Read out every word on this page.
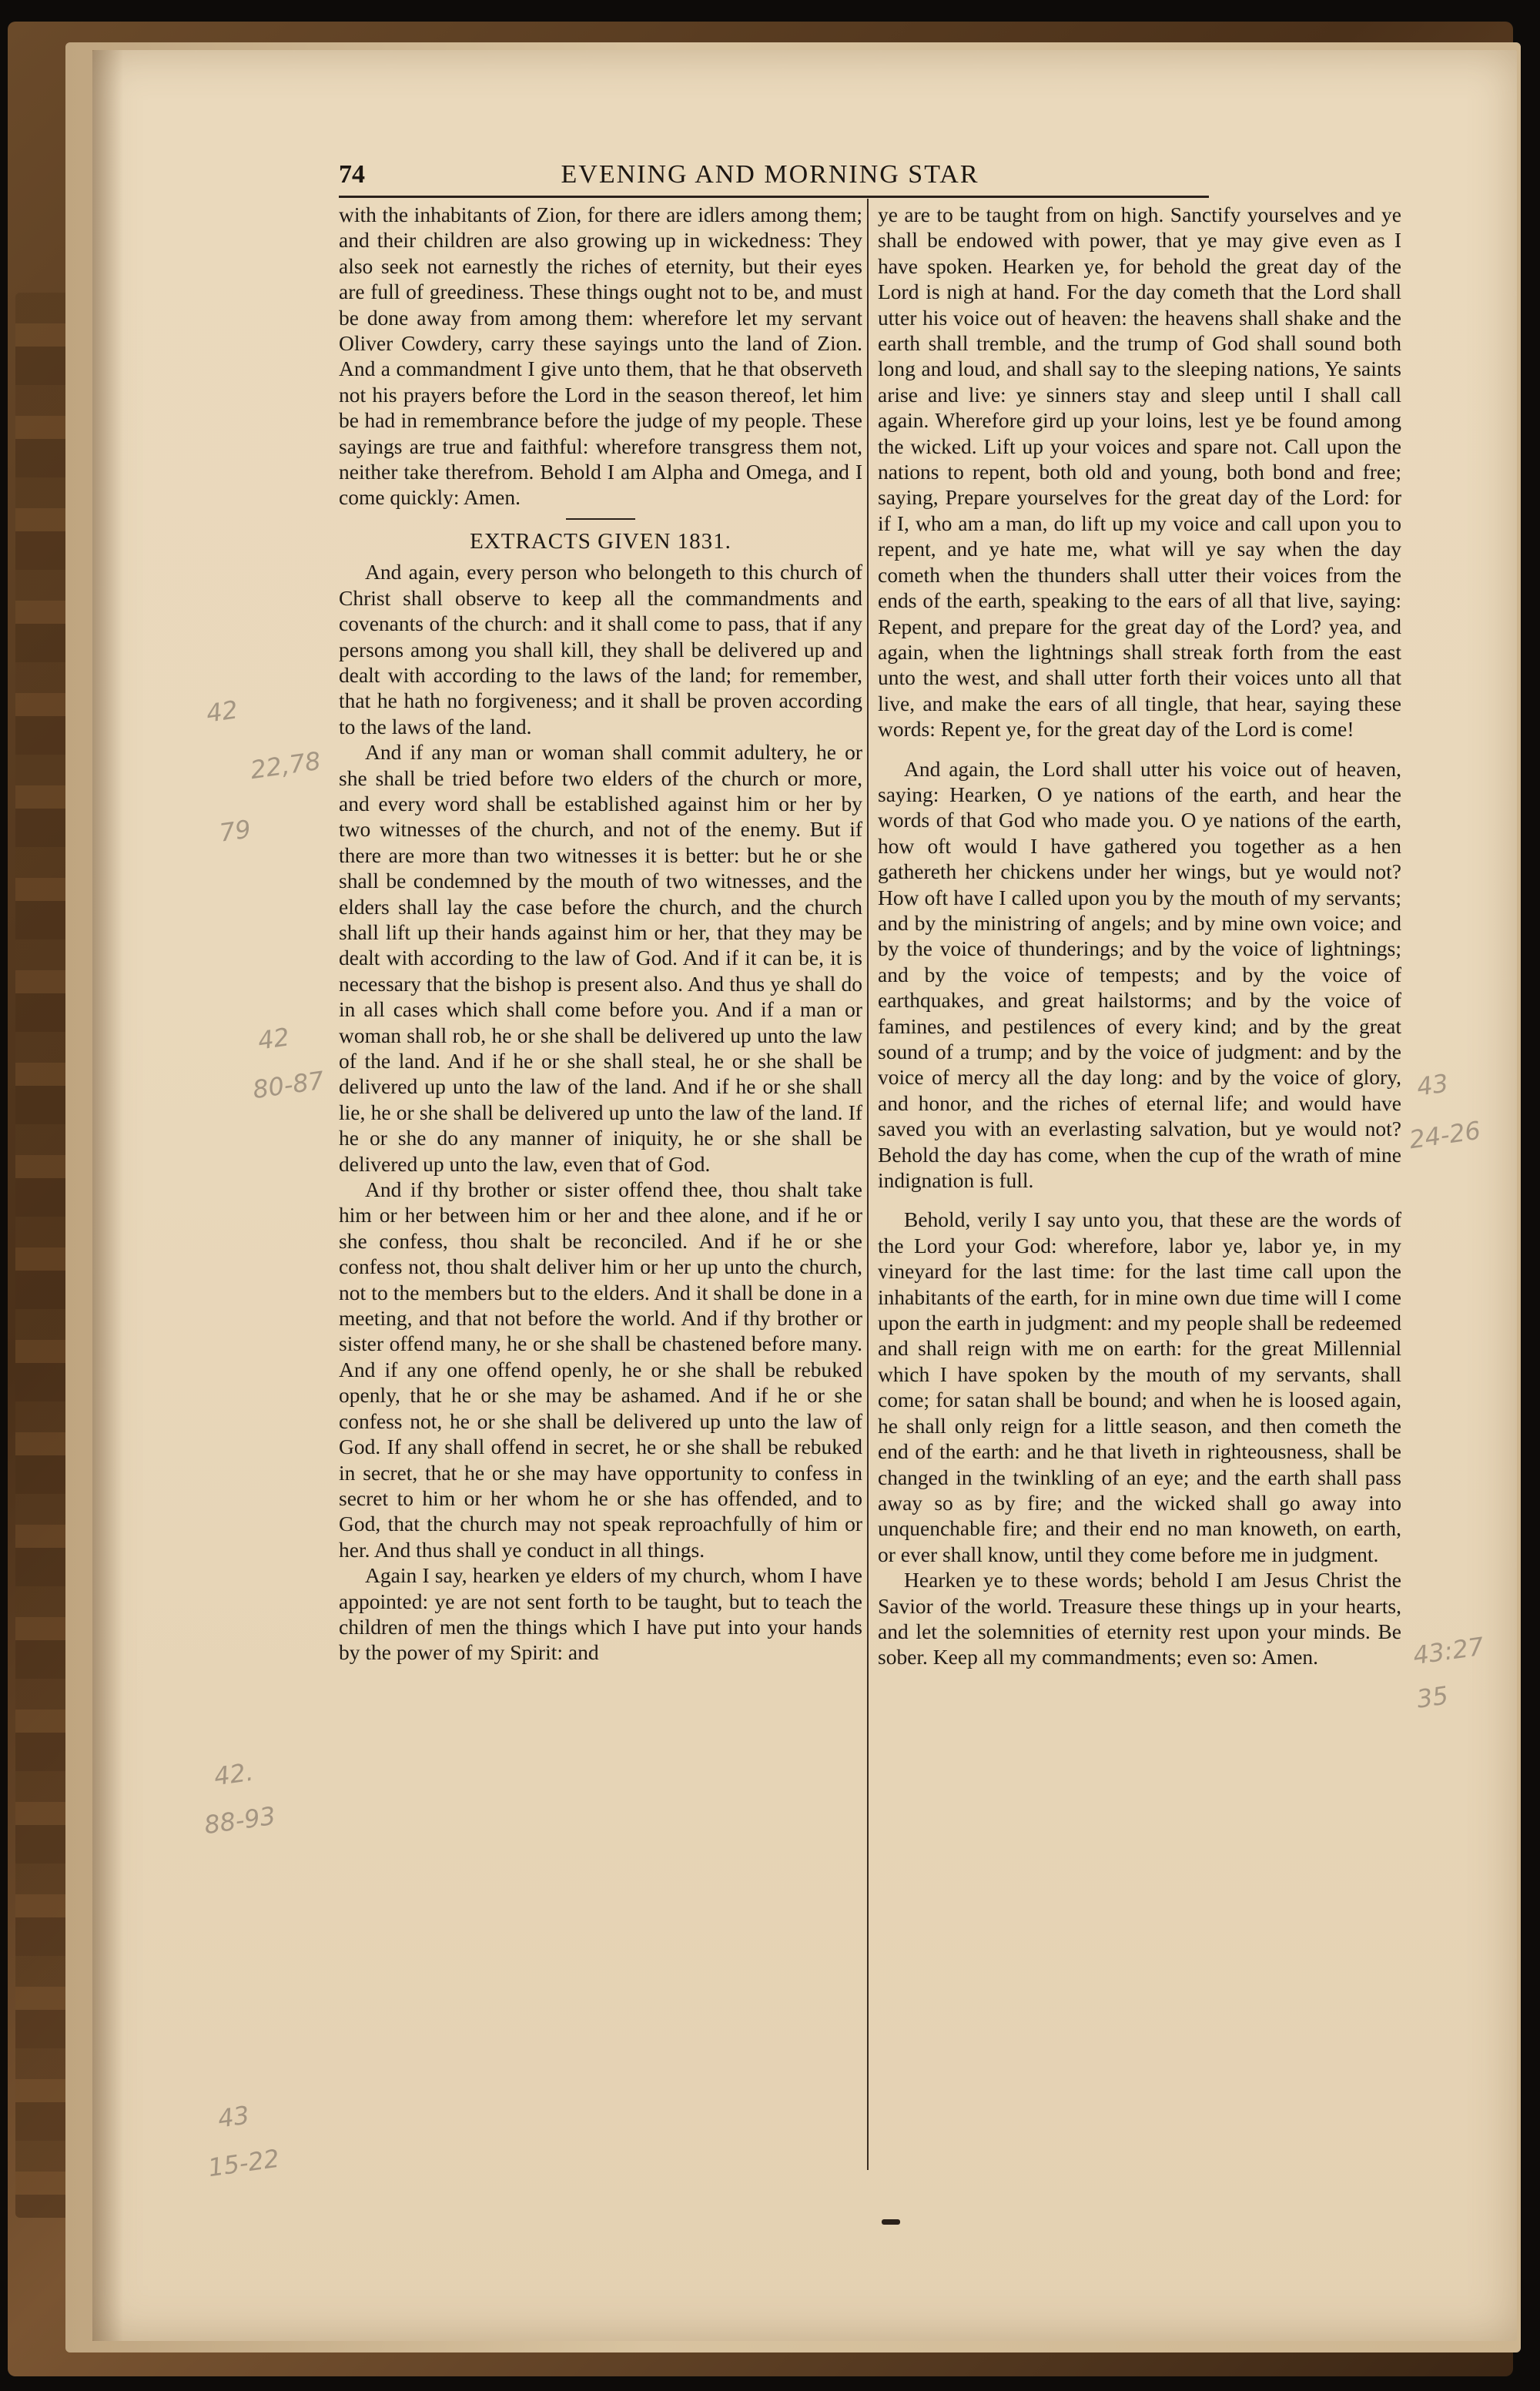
74	EVENING AND MORNING STAR

with the inhabitants of Zion, for there are idlers among them; and their children are also growing up in wickedness: They also seek not earnestly the riches of eternity, but their eyes are full of greediness. These things ought not to be, and must be done away from among them: wherefore let my servant Oliver Cowdery, carry these sayings unto the land of Zion. And a commandment I give unto them, that he that observeth not his prayers before the Lord in the season thereof, let him be had in remembrance before the judge of my people. These sayings are true and faithful: wherefore transgress them not, neither take therefrom. Behold I am Alpha and Omega, and I come quickly: Amen.

EXTRACTS GIVEN 1831.

And again, every person who belongeth to this church of Christ shall observe to keep all the commandments and covenants of the church: and it shall come to pass, that if any persons among you shall kill, they shall be delivered up and dealt with according to the laws of the land; for remember, that he hath no forgiveness; and it shall be proven according to the laws of the land.

And if any man or woman shall commit adultery, he or she shall be tried before two elders of the church or more, and every word shall be established against him or her by two witnesses of the church, and not of the enemy. But if there are more than two witnesses it is better: but he or she shall be condemned by the mouth of two witnesses, and the elders shall lay the case before the church, and the church shall lift up their hands against him or her, that they may be dealt with according to the law of God. And if it can be, it is necessary that the bishop is present also. And thus ye shall do in all cases which shall come before you. And if a man or woman shall rob, he or she shall be delivered up unto the law of the land. And if he or she shall steal, he or she shall be delivered up unto the law of the land. And if he or she shall lie, he or she shall be delivered up unto the law of the land. If he or she do any manner of iniquity, he or she shall be delivered up unto the law, even that of God.

And if thy brother or sister offend thee, thou shalt take him or her between him or her and thee alone, and if he or she confess, thou shalt be reconciled. And if he or she confess not, thou shalt deliver him or her up unto the church, not to the members but to the elders. And it shall be done in a meeting, and that not before the world. And if thy brother or sister offend many, he or she shall be chastened before many. And if any one offend openly, he or she shall be rebuked openly, that he or she may be ashamed. And if he or she confess not, he or she shall be delivered up unto the law of God. If any shall offend in secret, he or she shall be rebuked in secret, that he or she may have opportunity to confess in secret to him or her whom he or she has offended, and to God, that the church may not speak reproachfully of him or her. And thus shall ye conduct in all things.

Again I say, hearken ye elders of my church, whom I have appointed: ye are not sent forth to be taught, but to teach the children of men the things which I have put into your hands by the power of my Spirit: and

ye are to be taught from on high. Sanctify yourselves and ye shall be endowed with power, that ye may give even as I have spoken. Hearken ye, for behold the great day of the Lord is nigh at hand. For the day cometh that the Lord shall utter his voice out of heaven: the heavens shall shake and the earth shall tremble, and the trump of God shall sound both long and loud, and shall say to the sleeping nations, Ye saints arise and live: ye sinners stay and sleep until I shall call again. Wherefore gird up your loins, lest ye be found among the wicked. Lift up your voices and spare not. Call upon the nations to repent, both old and young, both bond and free; saying, Prepare yourselves for the great day of the Lord: for if I, who am a man, do lift up my voice and call upon you to repent, and ye hate me, what will ye say when the day cometh when the thunders shall utter their voices from the ends of the earth, speaking to the ears of all that live, saying: Repent, and prepare for the great day of the Lord? yea, and again, when the lightnings shall streak forth from the east unto the west, and shall utter forth their voices unto all that live, and make the ears of all tingle, that hear, saying these words: Repent ye, for the great day of the Lord is come!

And again, the Lord shall utter his voice out of heaven, saying: Hearken, O ye nations of the earth, and hear the words of that God who made you. O ye nations of the earth, how oft would I have gathered you together as a hen gathereth her chickens under her wings, but ye would not? How oft have I called upon you by the mouth of my servants; and by the ministring of angels; and by mine own voice; and by the voice of thunderings; and by the voice of lightnings; and by the voice of tempests; and by the voice of earthquakes, and great hailstorms; and by the voice of famines, and pestilences of every kind; and by the great sound of a trump; and by the voice of judgment: and by the voice of mercy all the day long: and by the voice of glory, and honor, and the riches of eternal life; and would have saved you with an everlasting salvation, but ye would not? Behold the day has come, when the cup of the wrath of mine indignation is full.

Behold, verily I say unto you, that these are the words of the Lord your God: wherefore, labor ye, labor ye, in my vineyard for the last time: for the last time call upon the inhabitants of the earth, for in mine own due time will I come upon the earth in judgment: and my people shall be redeemed and shall reign with me on earth: for the great Millennial which I have spoken by the mouth of my servants, shall come; for satan shall be bound; and when he is loosed again, he shall only reign for a little season, and then cometh the end of the earth: and he that liveth in righteousness, shall be changed in the twinkling of an eye; and the earth shall pass away so as by fire; and the wicked shall go away into unquenchable fire; and their end no man knoweth, on earth, or ever shall know, until they come before me in judgment.

Hearken ye to these words; behold I am Jesus Christ the Savior of the world. Treasure these things up in your hearts, and let the solemnities of eternity rest upon your minds. Be sober. Keep all my commandments; even so: Amen.

42
22,78
79
42
80-87	43
24-26
42.
88-93
43:27
35
43
15-22
